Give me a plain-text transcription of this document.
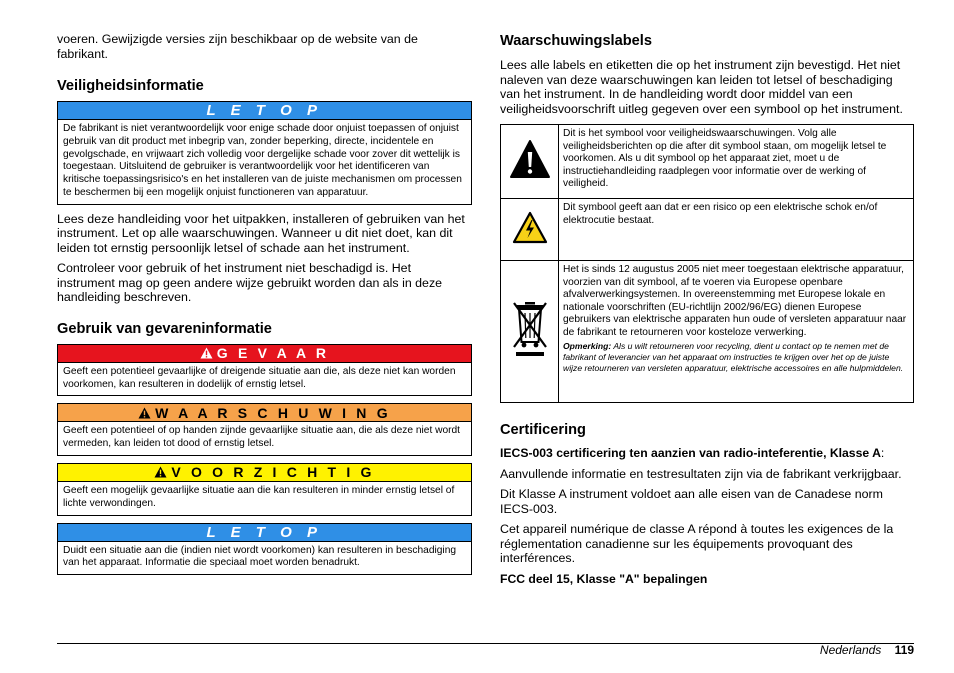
voeren. Gewijzigde versies zijn beschikbaar op de website van de fabrikant.

Veiligheidsinformatie
L E T O P
De fabrikant is niet verantwoordelijk voor enige schade door onjuist toepassen of onjuist gebruik van dit product met inbegrip van, zonder beperking, directe, incidentele en gevolgschade, en vrijwaart zich volledig voor dergelijke schade voor zover dit wettelijk is toegestaan. Uitsluitend de gebruiker is verantwoordelijk voor het identificeren van kritische toepassingsrisico's en het installeren van de juiste mechanismen om processen te beschermen bij een mogelijk onjuist functioneren van apparatuur.

Lees deze handleiding voor het uitpakken, installeren of gebruiken van het instrument. Let op alle waarschuwingen. Wanneer u dit niet doet, kan dit leiden tot ernstig persoonlijk letsel of schade aan het instrument.

Controleer voor gebruik of het instrument niet beschadigd is. Het instrument mag op geen andere wijze gebruikt worden dan als in deze handleiding beschreven.

Gebruik van gevareninformatie
G E V A A R
Geeft een potentieel gevaarlijke of dreigende situatie aan die, als deze niet kan worden voorkomen, kan resulteren in dodelijk of ernstig letsel.
W A A R S C H U W I N G
Geeft een potentieel of op handen zijnde gevaarlijke situatie aan, die als deze niet wordt vermeden, kan leiden tot dood of ernstig letsel.
V O O R Z I C H T I G
Geeft een mogelijk gevaarlijke situatie aan die kan resulteren in minder ernstig letsel of lichte verwondingen.
L E T O P
Duidt een situatie aan die (indien niet wordt voorkomen) kan resulteren in beschadiging van het apparaat. Informatie die speciaal moet worden benadrukt.
Waarschuwingslabels

Lees alle labels en etiketten die op het instrument zijn bevestigd. Het niet naleven van deze waarschuwingen kan leiden tot letsel of beschadiging van het instrument. In de handleiding wordt door middel van een veiligheidsvoorschrift uitleg gegeven over een symbool op het instrument.

	Dit is het symbool voor veiligheidswaarschuwingen. Volg alle veiligheidsberichten op die after dit symbool staan, om mogelijk letsel te voorkomen. Als u dit symbool op het apparaat ziet, moet u de instructiehandleiding raadplegen voor informatie over de werking of veiligheid.
	Dit symbool geeft aan dat er een risico op een elektrische schok en/of elektrocutie bestaat.
	Het is sinds 12 augustus 2005 niet meer toegestaan elektrische apparatuur, voorzien van dit symbool, af te voeren via Europese openbare afvalverwerkingsystemen. In overeenstemming met Europese lokale en nationale voorschriften (EU-richtlijn 2002/96/EG) dienen Europese gebruikers van elektrische apparaten hun oude of versleten apparatuur naar de fabrikant te retourneren voor kosteloze verwerking.
Opmerking: Als u wilt retourneren voor recycling, dient u contact op te nemen met de fabrikant of leverancier van het apparaat om instructies te krijgen over het op de juiste wijze retourneren van versleten apparatuur, elektrische accessoires en alle hulpmiddelen.
Certificering

IECS-003 certificering ten aanzien van radio-inteferentie, Klasse A:

Aanvullende informatie en testresultaten zijn via de fabrikant verkrijgbaar.

Dit Klasse A instrument voldoet aan alle eisen van de Canadese norm IECS-003.

Cet appareil numérique de classe A répond à toutes les exigences de la réglementation canadienne sur les équipements provoquant des interférences.

FCC deel 15, Klasse "A" bepalingen

Nederlands 119
